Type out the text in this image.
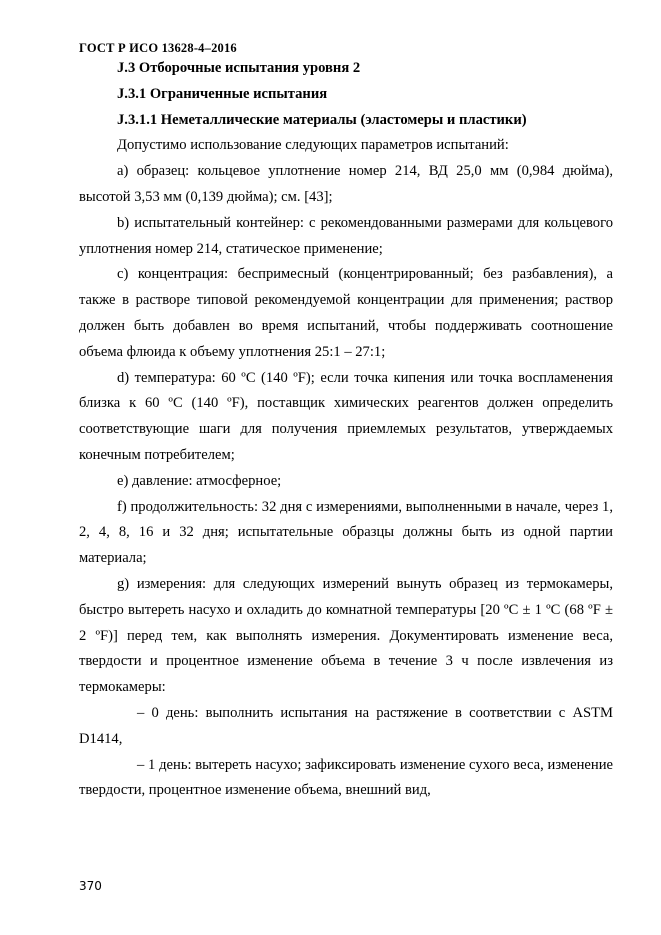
ГОСТ Р ИСО 13628-4–2016

J.3 Отборочные испытания уровня 2

J.3.1 Ограниченные испытания

J.3.1.1 Неметаллические материалы (эластомеры и пластики)

Допустимо использование следующих параметров испытаний:

a) образец: кольцевое уплотнение номер 214, ВД 25,0 мм (0,984 дюйма), высотой 3,53 мм (0,139 дюйма); см. [43];

b) испытательный контейнер: с рекомендованными размерами для кольцевого уплотнения номер 214, статическое применение;

c) концентрация: беспримесный (концентрированный; без разбавления), а также в растворе типовой рекомендуемой концентрации для применения; раствор должен быть добавлен во время испытаний, чтобы поддерживать соотношение объема флюида к объему уплотнения 25:1 – 27:1;

d) температура: 60 ºC (140 ºF); если точка кипения или точка воспламенения близка к 60 ºC (140 ºF), поставщик химических реагентов должен определить соответствующие шаги для получения приемлемых результатов, утверждаемых конечным потребителем;

e) давление: атмосферное;

f) продолжительность: 32 дня с измерениями, выполненными в начале, через 1, 2, 4, 8, 16 и 32 дня; испытательные образцы должны быть из одной партии материала;

g) измерения: для следующих измерений вынуть образец из термокамеры, быстро вытереть насухо и охладить до комнатной температуры [20 ºC ± 1 ºC (68 ºF ± 2 ºF)] перед тем, как выполнять измерения. Документировать изменение веса, твердости и процентное изменение объема в течение 3 ч после извлечения из термокамеры:

– 0 день: выполнить испытания на растяжение в соответствии с ASTM D1414,

– 1 день: вытереть насухо; зафиксировать изменение сухого веса, изменение твердости, процентное изменение объема, внешний вид,

370
